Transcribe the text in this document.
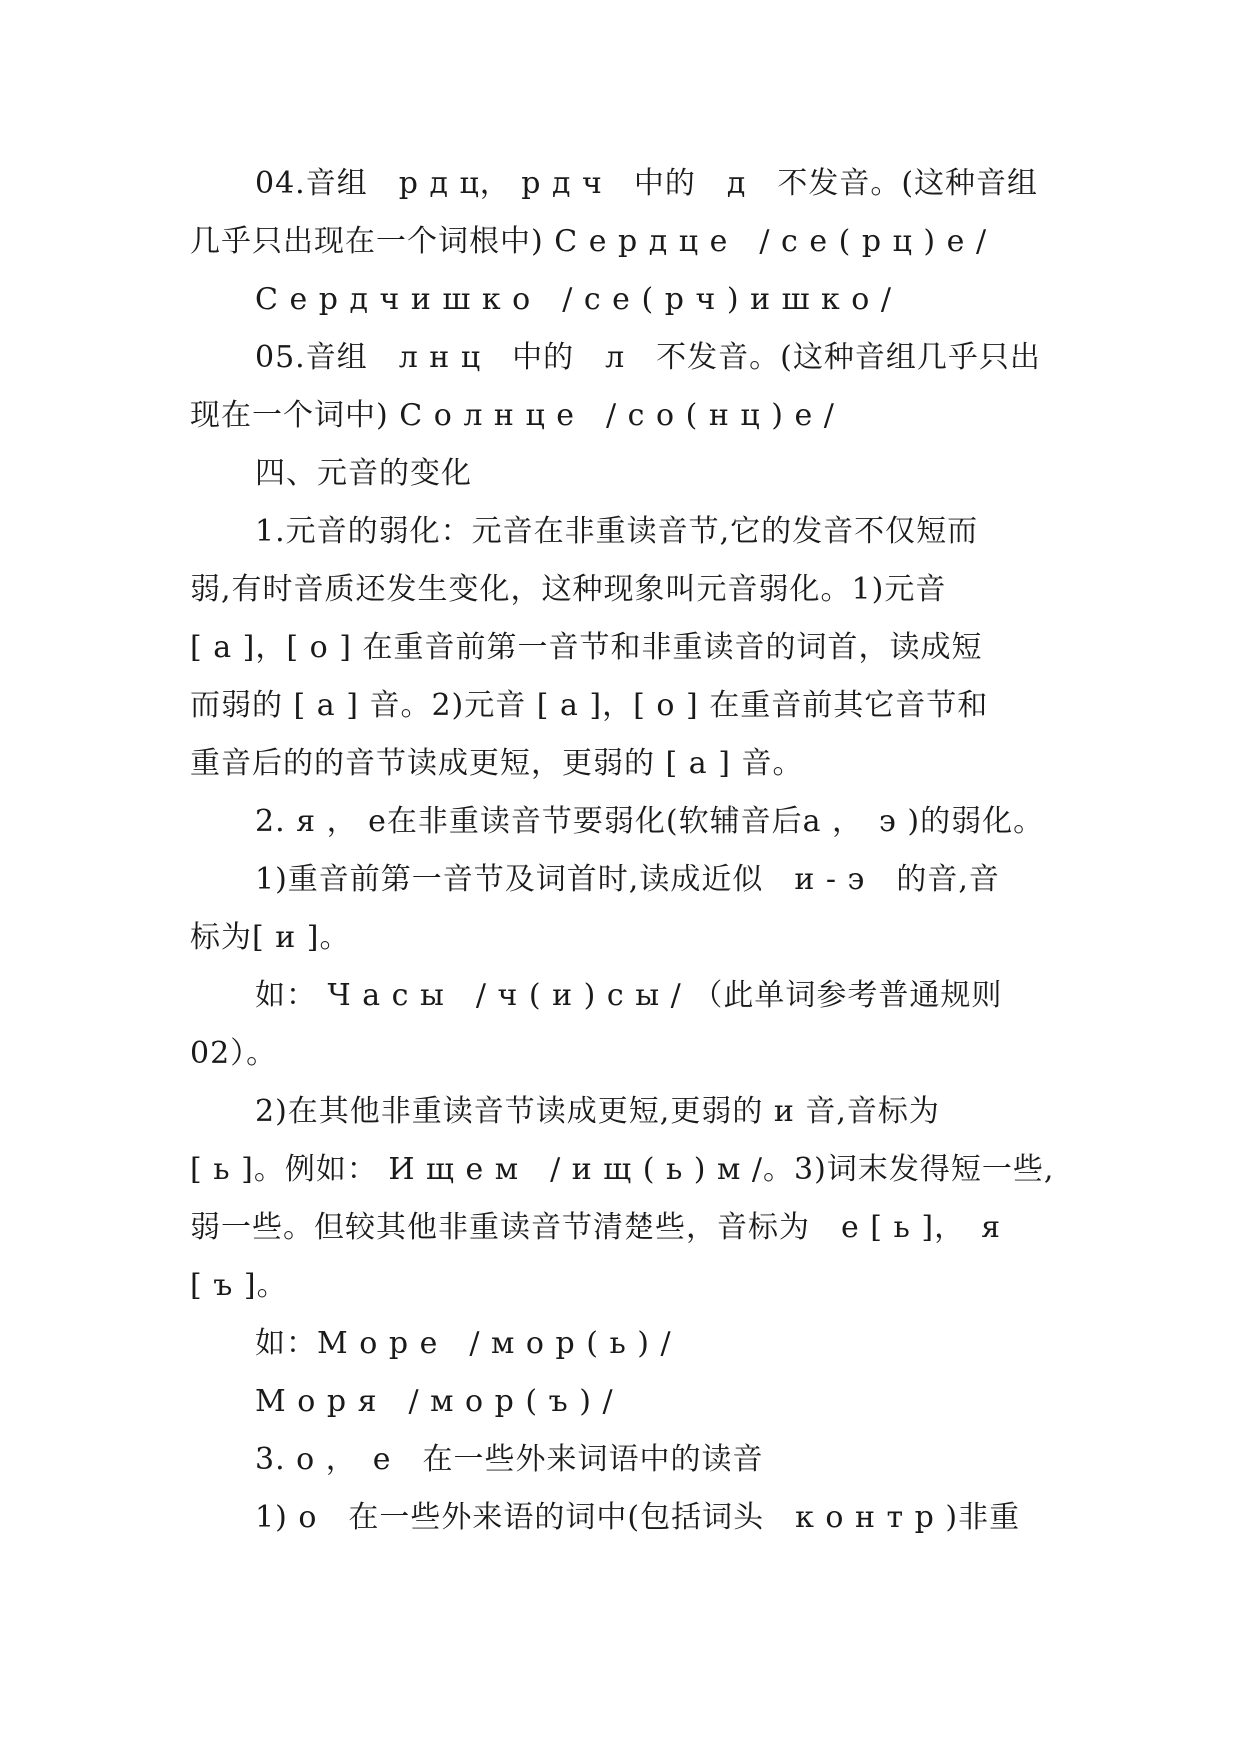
04.音组　р д ц， р д ч　中的　д　不发音。(这种音组
几乎只出现在一个词根中) С е р д ц е　/ с е ( р ц ) е /
С е р д ч и ш к о　/ с е ( р ч ) и ш к о /
05.音组　л н ц　中的　л　不发音。(这种音组几乎只出
现在一个词中) С о л н ц е　/ с о ( н ц ) е /
四、元音的变化
1.元音的弱化：元音在非重读音节,它的发音不仅短而
弱,有时音质还发生变化，这种现象叫元音弱化。1)元音
[ а ]，[ о ] 在重音前第一音节和非重读音的词首，读成短
而弱的 [ а ] 音。2)元音 [ а ]，[ о ] 在重音前其它音节和
重音后的的音节读成更短，更弱的 [ а ] 音。
2. я ， е在非重读音节要弱化(软辅音后а ，　э )的弱化。
1)重音前第一音节及词首时,读成近似　и - э　的音,音
标为[ и ]。
如： Ч а с ы　/ ч ( и ) с ы / （此单词参考普通规则
02）。
2)在其他非重读音节读成更短,更弱的 и 音,音标为
[ ь ]。例如： И щ е м　/ и щ ( ь ) м /。3)词末发得短一些,
弱一些。但较其他非重读音节清楚些，音标为　е [ ь ]，　я
[ ъ ]。
如：М о р е　/ м о р ( ь ) /
М о р я　/ м о р ( ъ ) /
3. о ，　е　在一些外来词语中的读音
1) о　在一些外来语的词中(包括词头　к о н т р )非重
